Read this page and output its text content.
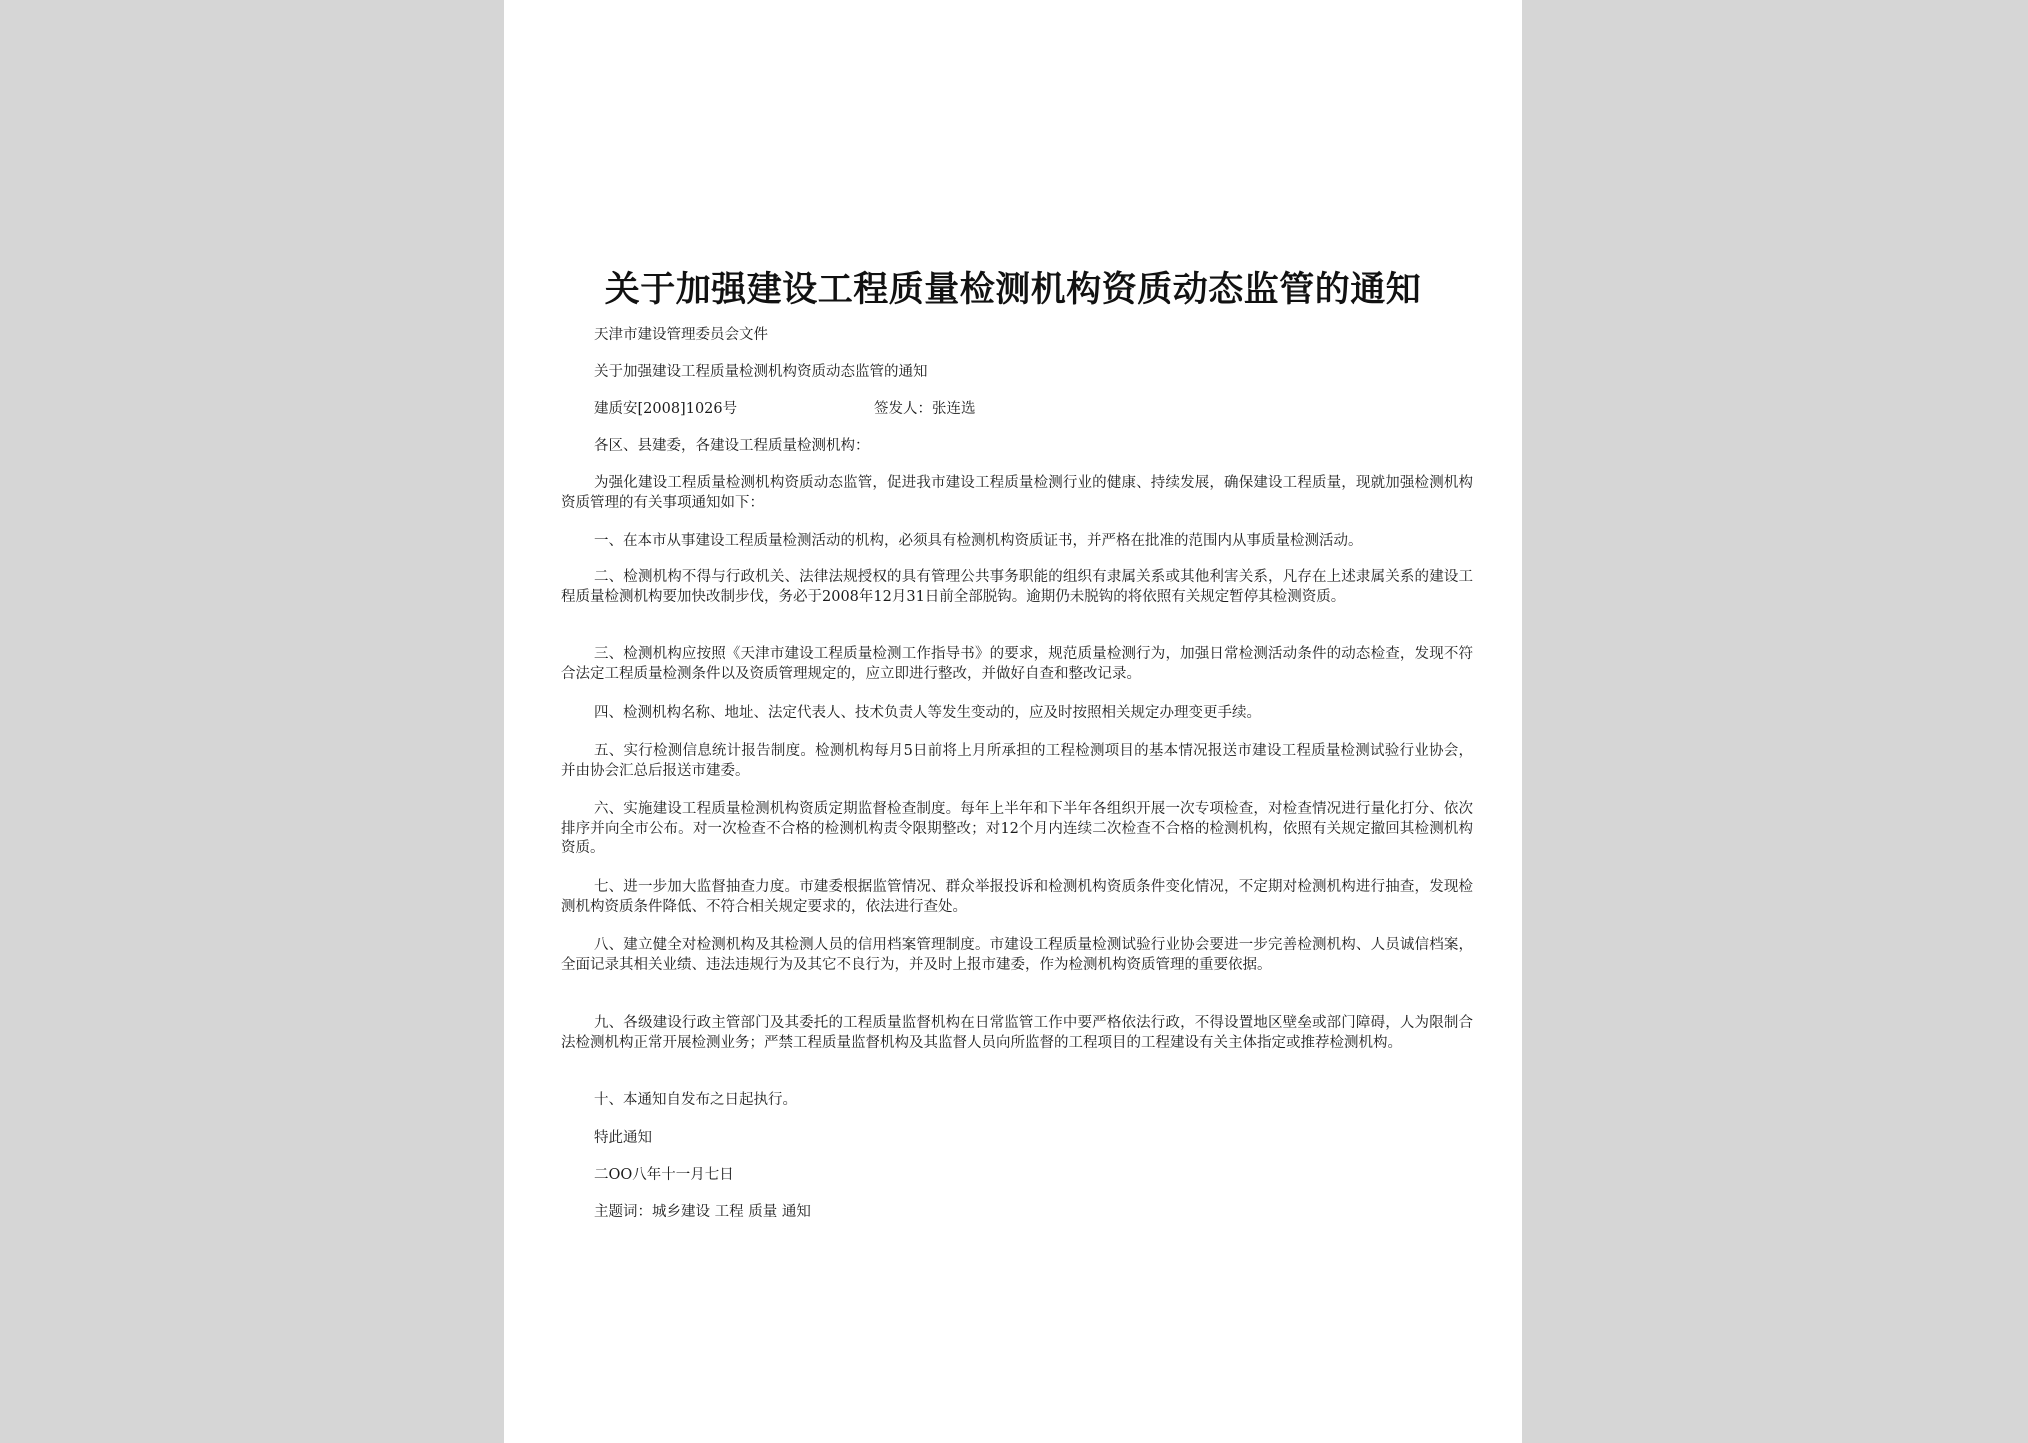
关于加强建设工程质量检测机构资质动态监管的通知
天津市建设管理委员会文件
关于加强建设工程质量检测机构资质动态监管的通知
建质安[2008]1026号	签发人：张连选
各区、县建委，各建设工程质量检测机构：

为强化建设工程质量检测机构资质动态监管，促进我市建设工程质量检测行业的健康、持续发展，确保建设工程质量，现就加强检测机构资质管理的有关事项通知如下：

一、在本市从事建设工程质量检测活动的机构，必须具有检测机构资质证书，并严格在批准的范围内从事质量检测活动。

二、检测机构不得与行政机关、法律法规授权的具有管理公共事务职能的组织有隶属关系或其他利害关系，凡存在上述隶属关系的建设工程质量检测机构要加快改制步伐，务必于2008年12月31日前全部脱钩。逾期仍未脱钩的将依照有关规定暂停其检测资质。

三、检测机构应按照《天津市建设工程质量检测工作指导书》的要求，规范质量检测行为，加强日常检测活动条件的动态检查，发现不符合法定工程质量检测条件以及资质管理规定的，应立即进行整改，并做好自查和整改记录。

四、检测机构名称、地址、法定代表人、技术负责人等发生变动的，应及时按照相关规定办理变更手续。

五、实行检测信息统计报告制度。检测机构每月5日前将上月所承担的工程检测项目的基本情况报送市建设工程质量检测试验行业协会，并由协会汇总后报送市建委。

六、实施建设工程质量检测机构资质定期监督检查制度。每年上半年和下半年各组织开展一次专项检查，对检查情况进行量化打分、依次排序并向全市公布。对一次检查不合格的检测机构责令限期整改；对12个月内连续二次检查不合格的检测机构，依照有关规定撤回其检测机构资质。

七、进一步加大监督抽查力度。市建委根据监管情况、群众举报投诉和检测机构资质条件变化情况，不定期对检测机构进行抽查，发现检测机构资质条件降低、不符合相关规定要求的，依法进行查处。

八、建立健全对检测机构及其检测人员的信用档案管理制度。市建设工程质量检测试验行业协会要进一步完善检测机构、人员诚信档案，全面记录其相关业绩、违法违规行为及其它不良行为，并及时上报市建委，作为检测机构资质管理的重要依据。

九、各级建设行政主管部门及其委托的工程质量监督机构在日常监管工作中要严格依法行政，不得设置地区壁垒或部门障碍，人为限制合法检测机构正常开展检测业务；严禁工程质量监督机构及其监督人员向所监督的工程项目的工程建设有关主体指定或推荐检测机构。

十、本通知自发布之日起执行。

特此通知
二OO八年十一月七日
主题词：城乡建设 工程 质量 通知
